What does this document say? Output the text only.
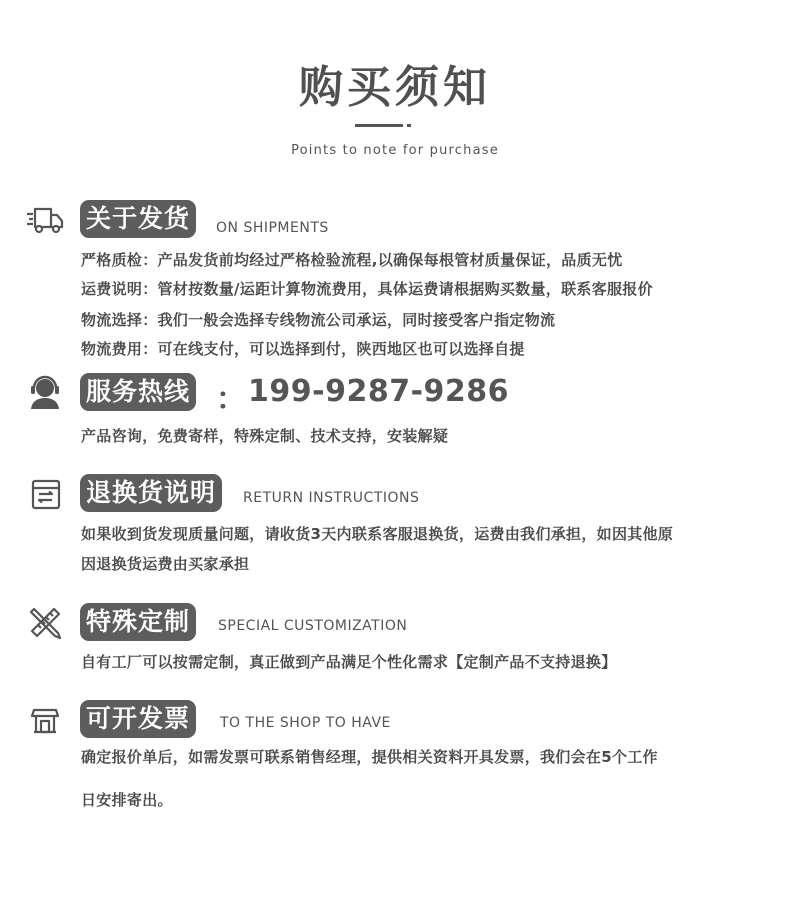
购买须知
Points to note for purchase
关于发货	ON SHIPMENTS
严格质检：产品发货前均经过严格检验流程,以确保每根管材质量保证，品质无忧
运费说明：管材按数量/运距计算物流费用，具体运费请根据购买数量，联系客服报价
物流选择：我们一般会选择专线物流公司承运，同时接受客户指定物流
物流费用：可在线支付，可以选择到付，陕西地区也可以选择自提
服务热线 ： 199-9287-9286
产品咨询，免费寄样，特殊定制、技术支持，安装解疑
退换货说明	RETURN INSTRUCTIONS
如果收到货发现质量问题，请收货3天内联系客服退换货，运费由我们承担，如因其他原
因退换货运费由买家承担
特殊定制	SPECIAL CUSTOMIZATION
自有工厂可以按需定制，真正做到产品满足个性化需求【定制产品不支持退换】
可开发票	TO THE SHOP TO HAVE
确定报价单后，如需发票可联系销售经理，提供相关资料开具发票，我们会在5个工作
日安排寄出。
